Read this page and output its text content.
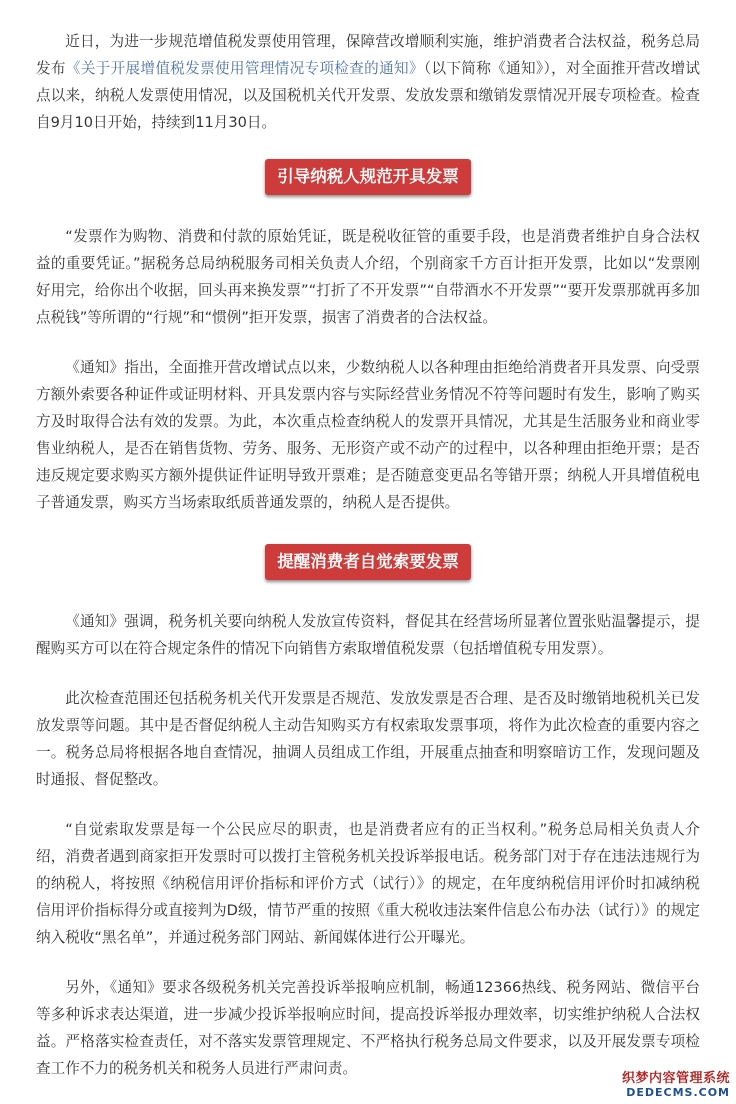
近日，为进一步规范增值税发票使用管理，保障营改增顺利实施，维护消费者合法权益，税务总局发布《关于开展增值税发票使用管理情况专项检查的通知》（以下简称《通知》），对全面推开营改增试点以来，纳税人发票使用情况，以及国税机关代开发票、发放发票和缴销发票情况开展专项检查。检查自9月10日开始，持续到11月30日。

引导纳税人规范开具发票

“发票作为购物、消费和付款的原始凭证，既是税收征管的重要手段，也是消费者维护自身合法权益的重要凭证。”据税务总局纳税服务司相关负责人介绍，个别商家千方百计拒开发票，比如以“发票刚好用完，给你出个收据，回头再来换发票”“打折了不开发票”“自带酒水不开发票”“要开发票那就再多加点税钱”等所谓的“行规”和“惯例”拒开发票，损害了消费者的合法权益。

《通知》指出，全面推开营改增试点以来，少数纳税人以各种理由拒绝给消费者开具发票、向受票方额外索要各种证件或证明材料、开具发票内容与实际经营业务情况不符等问题时有发生，影响了购买方及时取得合法有效的发票。为此，本次重点检查纳税人的发票开具情况，尤其是生活服务业和商业零售业纳税人，是否在销售货物、劳务、服务、无形资产或不动产的过程中，以各种理由拒绝开票；是否违反规定要求购买方额外提供证件证明导致开票难；是否随意变更品名等错开票；纳税人开具增值税电子普通发票，购买方当场索取纸质普通发票的，纳税人是否提供。

提醒消费者自觉索要发票

《通知》强调，税务机关要向纳税人发放宣传资料，督促其在经营场所显著位置张贴温馨提示，提醒购买方可以在符合规定条件的情况下向销售方索取增值税发票（包括增值税专用发票）。

此次检查范围还包括税务机关代开发票是否规范、发放发票是否合理、是否及时缴销地税机关已发放发票等问题。其中是否督促纳税人主动告知购买方有权索取发票事项，将作为此次检查的重要内容之一。税务总局将根据各地自查情况，抽调人员组成工作组，开展重点抽查和明察暗访工作，发现问题及时通报、督促整改。

“自觉索取发票是每一个公民应尽的职责，也是消费者应有的正当权利。”税务总局相关负责人介绍，消费者遇到商家拒开发票时可以拨打主管税务机关投诉举报电话。税务部门对于存在违法违规行为的纳税人，将按照《纳税信用评价指标和评价方式（试行）》的规定，在年度纳税信用评价时扣减纳税信用评价指标得分或直接判为D级，情节严重的按照《重大税收违法案件信息公布办法（试行）》的规定纳入税收“黑名单”，并通过税务部门网站、新闻媒体进行公开曝光。

另外，《通知》要求各级税务机关完善投诉举报响应机制，畅通12366热线、税务网站、微信平台等多种诉求表达渠道，进一步减少投诉举报响应时间，提高投诉举报办理效率，切实维护纳税人合法权益。严格落实检查责任，对不落实发票管理规定、不严格执行税务总局文件要求，以及开展发票专项检查工作不力的税务机关和税务人员进行严肃问责。

织梦内容管理系统
DEDECMS.COM
